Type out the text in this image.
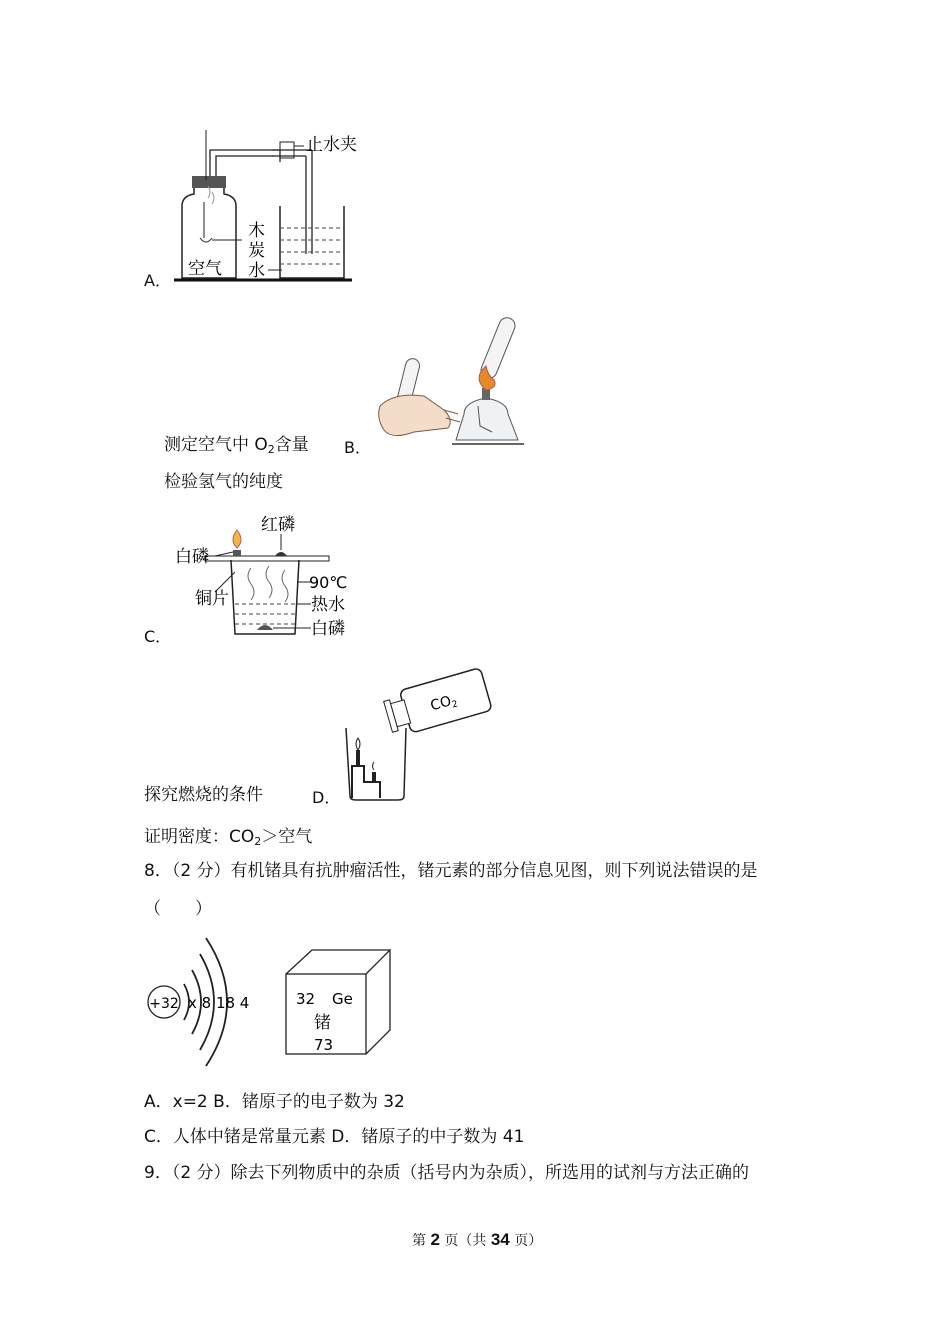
A．
止水夹
木
炭
水
空气
测定空气中 $O_2$含量 B．
检验氢气的纯度
红磷
白磷
铜片
90℃
热水
白磷
C．
$CO_2$
探究燃烧的条件	D．
证明密度：$CO_2>$空气
8．（2 分）有机锗具有抗肿瘤活性，锗元素的部分信息见图，则下列说法错误的是
（　　）
+32 x 8 18 4	32 Ge
锗
73
A．x=2 B．锗原子的电子数为 32
C．人体中锗是常量元素 D．锗原子的中子数为 41
9．（2 分）除去下列物质中的杂质（括号内为杂质），所选用的试剂与方法正确的
第 2 页（共 34 页）
